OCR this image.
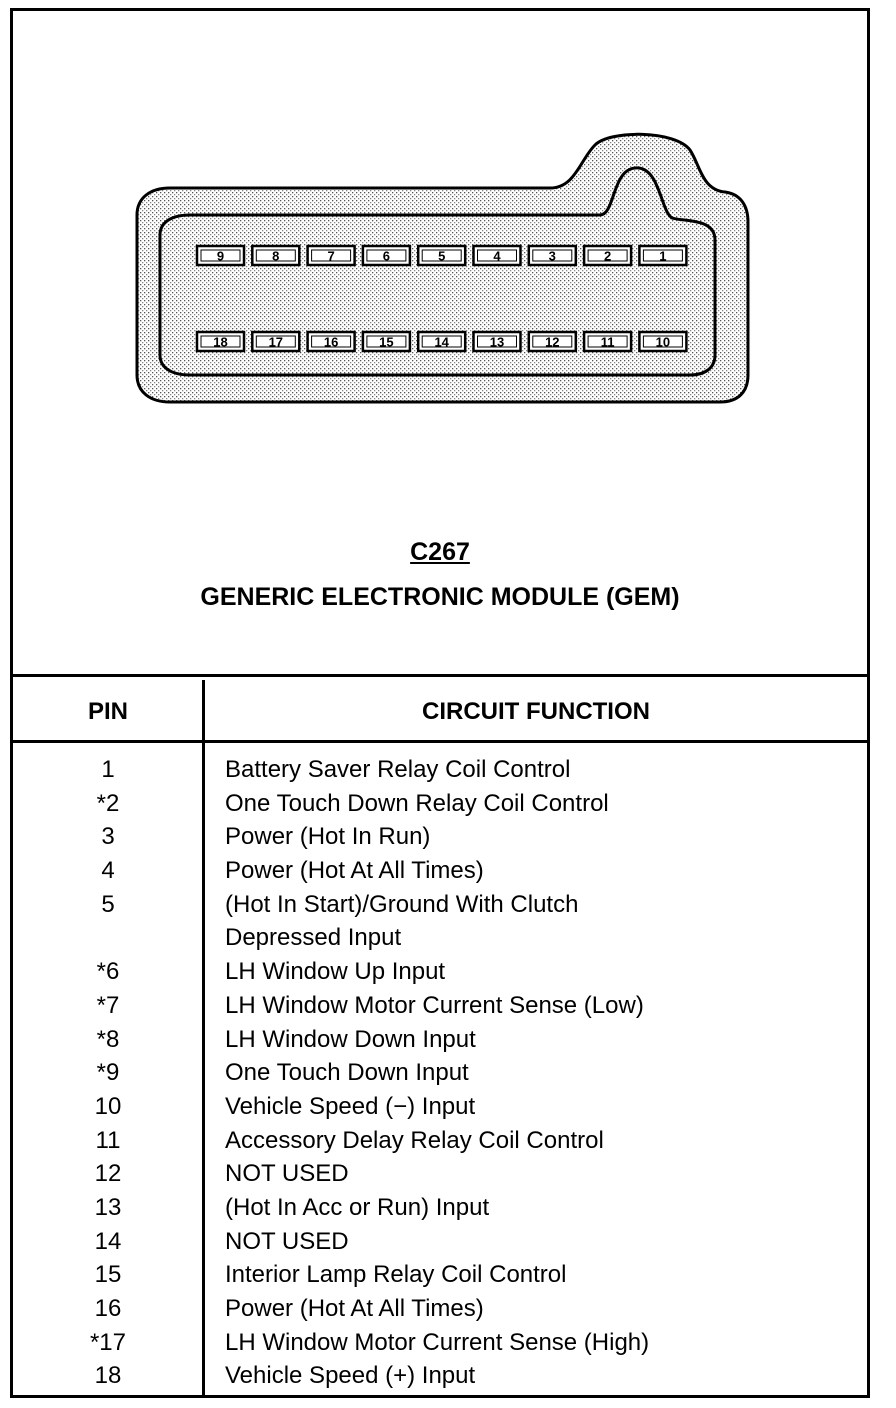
9	8	7	6	5	4	3	2	1
18	17	16	15	14	13	12	11	10
C267
GENERIC ELECTRONIC MODULE (GEM)
PIN	CIRCUIT FUNCTION
1	Battery Saver Relay Coil Control
*2	One Touch Down Relay Coil Control
3	Power (Hot In Run)
4	Power (Hot At All Times)
5	(Hot In Start)/Ground With Clutch
Depressed Input
*6	LH Window Up Input
*7	LH Window Motor Current Sense (Low)
*8	LH Window Down Input
*9	One Touch Down Input
10	Vehicle Speed (−) Input
11	Accessory Delay Relay Coil Control
12	NOT USED
13	(Hot In Acc or Run) Input
14	NOT USED
15	Interior Lamp Relay Coil Control
16	Power (Hot At All Times)
*17	LH Window Motor Current Sense (High)
18	Vehicle Speed (+) Input
